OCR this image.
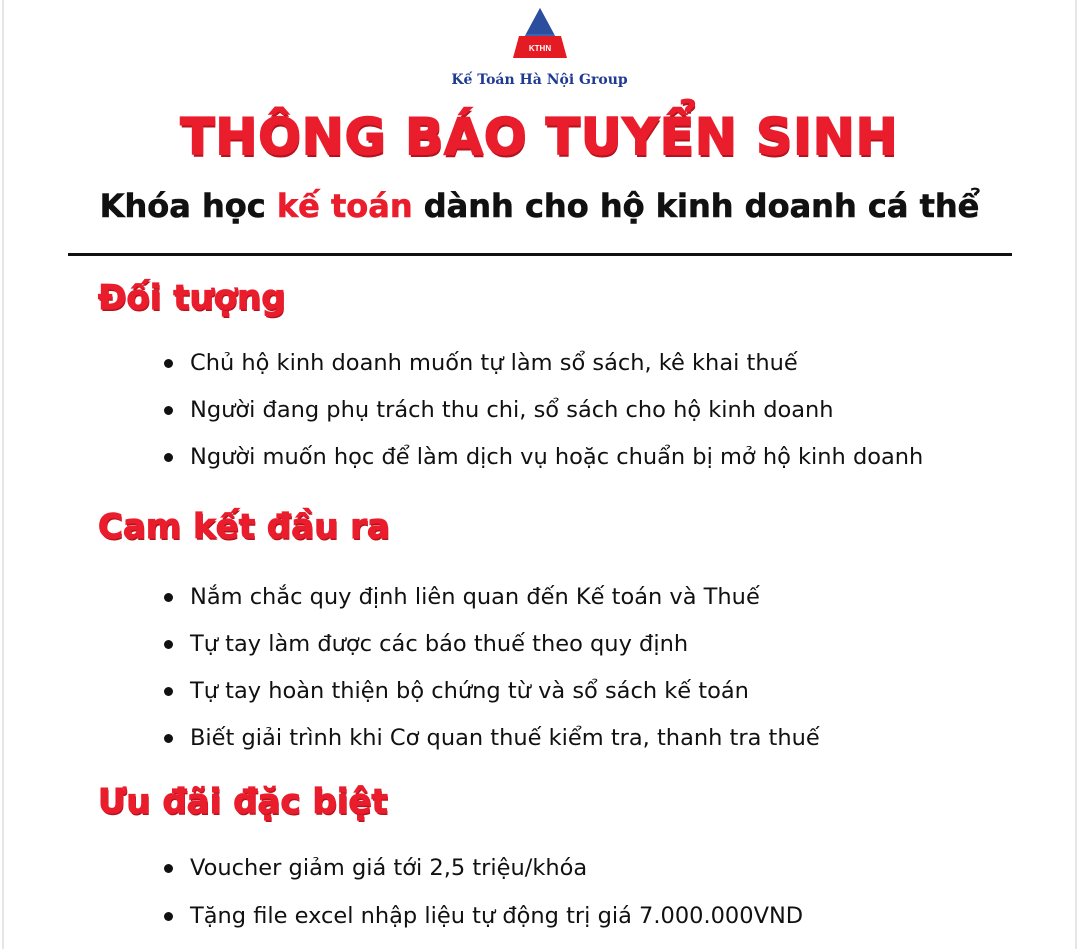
KTHN
Kế Toán Hà Nội Group
THÔNG BÁO TUYỂN SINH
Khóa học kế toán dành cho hộ kinh doanh cá thể
Đối tượng
Chủ hộ kinh doanh muốn tự làm sổ sách, kê khai thuế
Người đang phụ trách thu chi, sổ sách cho hộ kinh doanh
Người muốn học để làm dịch vụ hoặc chuẩn bị mở hộ kinh doanh
Cam kết đầu ra
Nắm chắc quy định liên quan đến Kế toán và Thuế
Tự tay làm được các báo thuế theo quy định
Tự tay hoàn thiện bộ chứng từ và sổ sách kế toán
Biết giải trình khi Cơ quan thuế kiểm tra, thanh tra thuế
Ưu đãi đặc biệt
Voucher giảm giá tới 2,5 triệu/khóa
Tặng file excel nhập liệu tự động trị giá 7.000.000VND
